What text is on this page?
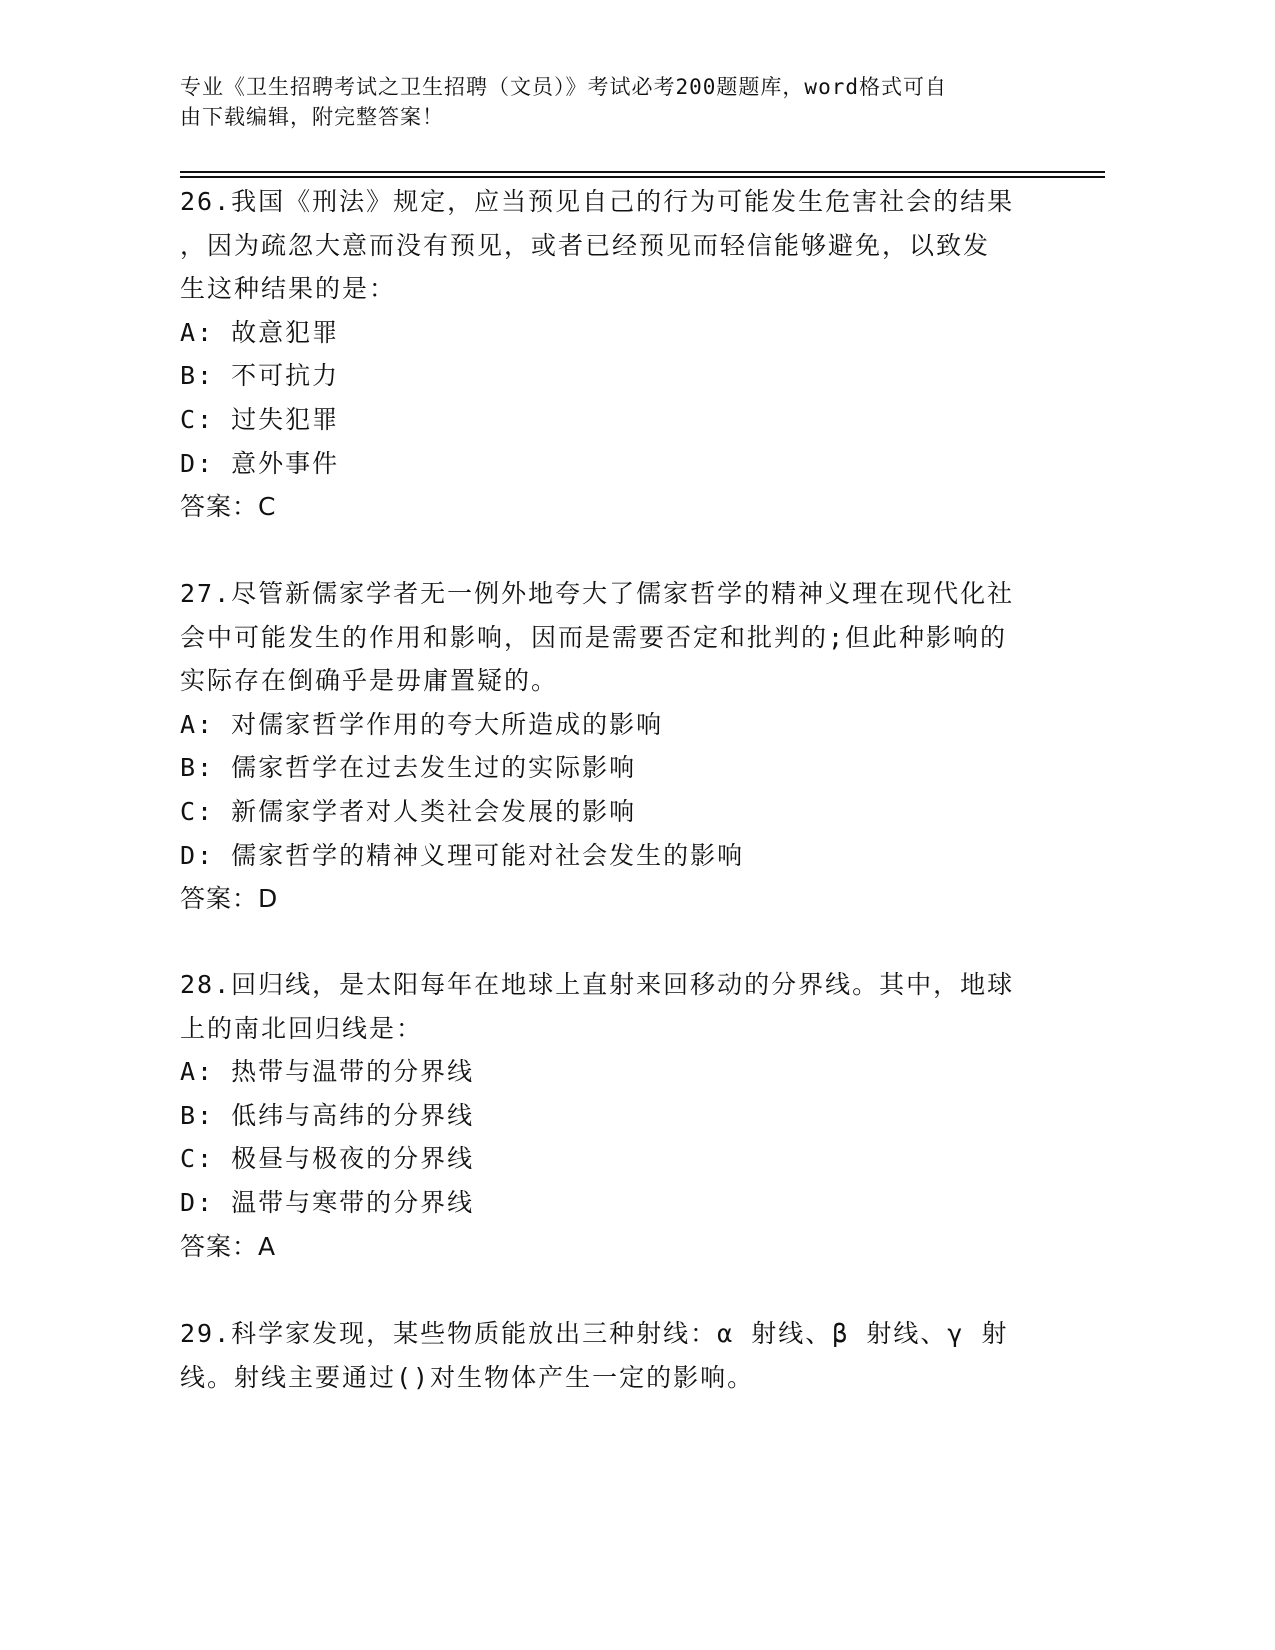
专业《卫生招聘考试之卫生招聘（文员）》考试必考200题题库，word格式可自
由下载编辑，附完整答案！
26.我国《刑法》规定，应当预见自己的行为可能发生危害社会的结果
，因为疏忽大意而没有预见，或者已经预见而轻信能够避免，以致发
生这种结果的是：
A: 故意犯罪
B: 不可抗力
C: 过失犯罪
D: 意外事件
答案：C
27.尽管新儒家学者无一例外地夸大了儒家哲学的精神义理在现代化社
会中可能发生的作用和影响，因而是需要否定和批判的;但此种影响的
实际存在倒确乎是毋庸置疑的。
A: 对儒家哲学作用的夸大所造成的影响
B: 儒家哲学在过去发生过的实际影响
C: 新儒家学者对人类社会发展的影响
D: 儒家哲学的精神义理可能对社会发生的影响
答案：D
28.回归线，是太阳每年在地球上直射来回移动的分界线。其中，地球
上的南北回归线是：
A: 热带与温带的分界线
B: 低纬与高纬的分界线
C: 极昼与极夜的分界线
D: 温带与寒带的分界线
答案：A
29.科学家发现，某些物质能放出三种射线：α 射线、β 射线、γ 射
线。射线主要通过()对生物体产生一定的影响。
